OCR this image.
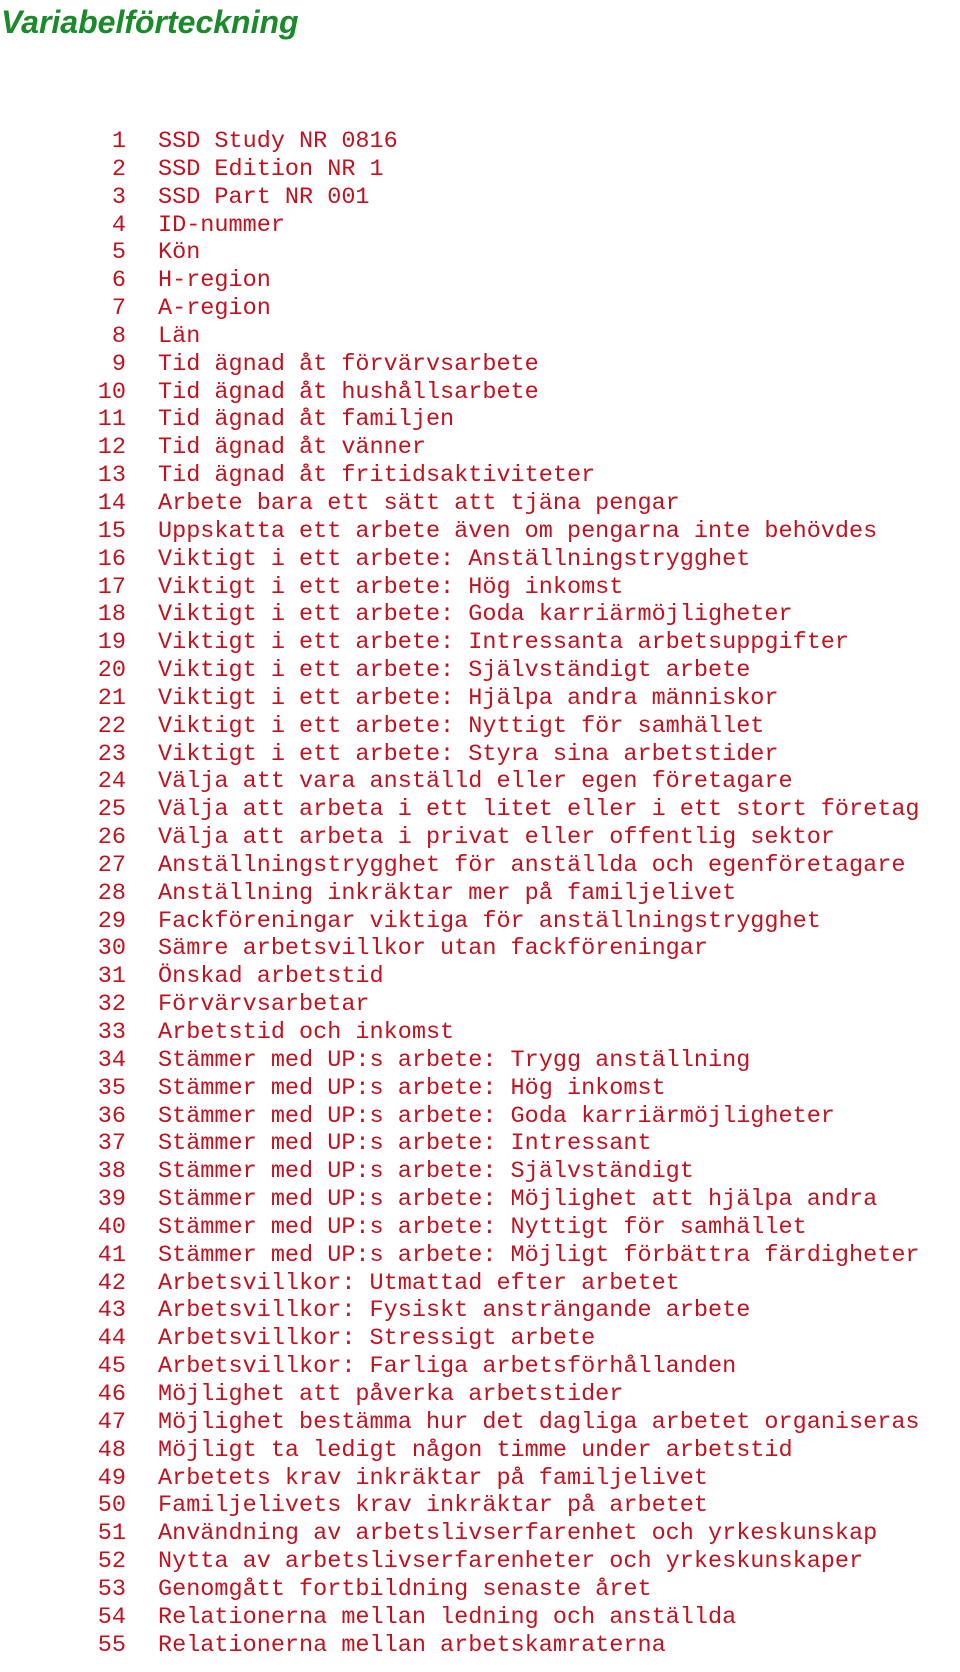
Variabelförteckning
1 SSD Study NR 0816
2 SSD Edition NR 1
3 SSD Part NR 001
4 ID-nummer
5 Kön
6 H-region
7 A-region
8 Län
9 Tid ägnad åt förvärvsarbete
10 Tid ägnad åt hushållsarbete
11 Tid ägnad åt familjen
12 Tid ägnad åt vänner
13 Tid ägnad åt fritidsaktiviteter
14 Arbete bara ett sätt att tjäna pengar
15 Uppskatta ett arbete även om pengarna inte behövdes
16 Viktigt i ett arbete: Anställningstrygghet
17 Viktigt i ett arbete: Hög inkomst
18 Viktigt i ett arbete: Goda karriärmöjligheter
19 Viktigt i ett arbete: Intressanta arbetsuppgifter
20 Viktigt i ett arbete: Självständigt arbete
21 Viktigt i ett arbete: Hjälpa andra människor
22 Viktigt i ett arbete: Nyttigt för samhället
23 Viktigt i ett arbete: Styra sina arbetstider
24 Välja att vara anställd eller egen företagare
25 Välja att arbeta i ett litet eller i ett stort företag
26 Välja att arbeta i privat eller offentlig sektor
27 Anställningstrygghet för anställda och egenföretagare
28 Anställning inkräktar mer på familjelivet
29 Fackföreningar viktiga för anställningstrygghet
30 Sämre arbetsvillkor utan fackföreningar
31 Önskad arbetstid
32 Förvärvsarbetar
33 Arbetstid och inkomst
34 Stämmer med UP:s arbete: Trygg anställning
35 Stämmer med UP:s arbete: Hög inkomst
36 Stämmer med UP:s arbete: Goda karriärmöjligheter
37 Stämmer med UP:s arbete: Intressant
38 Stämmer med UP:s arbete: Självständigt
39 Stämmer med UP:s arbete: Möjlighet att hjälpa andra
40 Stämmer med UP:s arbete: Nyttigt för samhället
41 Stämmer med UP:s arbete: Möjligt förbättra färdigheter
42 Arbetsvillkor: Utmattad efter arbetet
43 Arbetsvillkor: Fysiskt ansträngande arbete
44 Arbetsvillkor: Stressigt arbete
45 Arbetsvillkor: Farliga arbetsförhållanden
46 Möjlighet att påverka arbetstider
47 Möjlighet bestämma hur det dagliga arbetet organiseras
48 Möjligt ta ledigt någon timme under arbetstid
49 Arbetets krav inkräktar på familjelivet
50 Familjelivets krav inkräktar på arbetet
51 Användning av arbetslivserfarenhet och yrkeskunskap
52 Nytta av arbetslivserfarenheter och yrkeskunskaper
53 Genomgått fortbildning senaste året
54 Relationerna mellan ledning och anställda
55 Relationerna mellan arbetskamraterna
